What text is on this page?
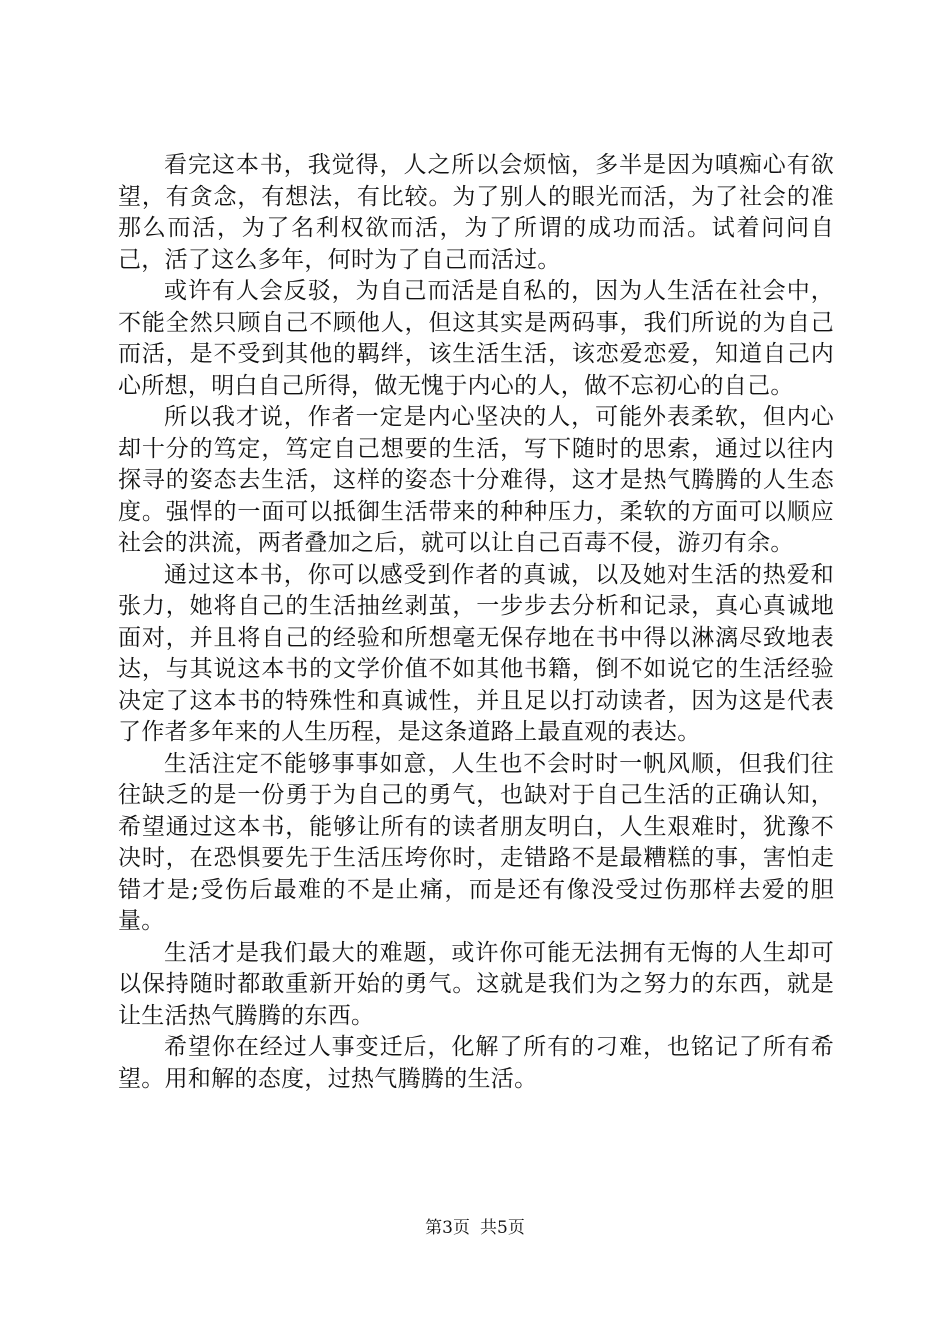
看完这本书，我觉得，人之所以会烦恼，多半是因为嗔痴心有欲望，有贪念，有想法，有比较。为了别人的眼光而活，为了社会的准那么而活，为了名利权欲而活，为了所谓的成功而活。试着问问自己，活了这么多年，何时为了自己而活过。

或许有人会反驳，为自己而活是自私的，因为人生活在社会中，不能全然只顾自己不顾他人，但这其实是两码事，我们所说的为自己而活，是不受到其他的羁绊，该生活生活，该恋爱恋爱，知道自己内心所想，明白自己所得，做无愧于内心的人，做不忘初心的自己。

所以我才说，作者一定是内心坚决的人，可能外表柔软，但内心却十分的笃定，笃定自己想要的生活，写下随时的思索，通过以往内探寻的姿态去生活，这样的姿态十分难得，这才是热气腾腾的人生态度。强悍的一面可以抵御生活带来的种种压力，柔软的方面可以顺应社会的洪流，两者叠加之后，就可以让自己百毒不侵，游刃有余。

通过这本书，你可以感受到作者的真诚，以及她对生活的热爱和张力，她将自己的生活抽丝剥茧，一步步去分析和记录，真心真诚地面对，并且将自己的经验和所想毫无保存地在书中得以淋漓尽致地表达，与其说这本书的文学价值不如其他书籍，倒不如说它的生活经验决定了这本书的特殊性和真诚性，并且足以打动读者，因为这是代表了作者多年来的人生历程，是这条道路上最直观的表达。

生活注定不能够事事如意，人生也不会时时一帆风顺，但我们往往缺乏的是一份勇于为自己的勇气，也缺对于自己生活的正确认知，希望通过这本书，能够让所有的读者朋友明白，人生艰难时，犹豫不决时，在恐惧要先于生活压垮你时，走错路不是最糟糕的事，害怕走错才是;受伤后最难的不是止痛，而是还有像没受过伤那样去爱的胆量。

生活才是我们最大的难题，或许你可能无法拥有无悔的人生却可以保持随时都敢重新开始的勇气。这就是我们为之努力的东西，就是让生活热气腾腾的东西。

希望你在经过人事变迁后，化解了所有的刁难，也铭记了所有希望。用和解的态度，过热气腾腾的生活。

第3页 共5页
